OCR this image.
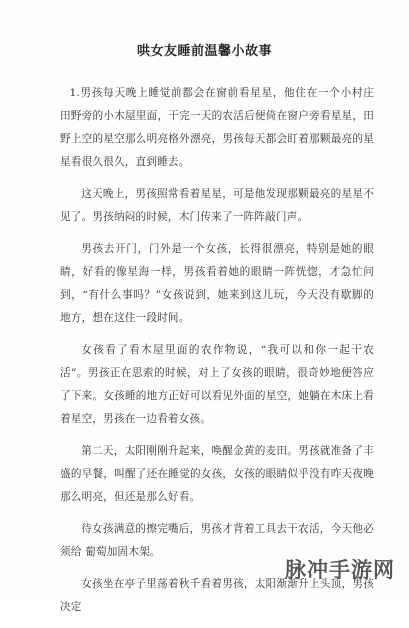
哄女友睡前温馨小故事

1.男孩每天晚上睡觉前都会在窗前看星星，他住在一个小村庄 田野旁的小木屋里面，干完一天的农活后便倚在窗户旁看星星，田 野上空的星空那么明亮格外漂亮，男孩每天都会盯着那颗最亮的星 星看很久很久，直到睡去。

这天晚上，男孩照常看着星星，可是他发现那颗最亮的星星不 见了。男孩纳闷的时候，木门传来了一阵阵敲门声。

男孩去开门，门外是一个女孩，长得很漂亮，特别是她的眼 睛，好看的像星海一样，男孩看着她的眼睛一阵恍惚，才急忙问 到，“有什么事吗？”女孩说到，她来到这儿玩，今天没有歇脚的 地方，想在这住一段时间。

女孩看了看木屋里面的农作物说，“我可以和你一起干农 活”。男孩正在思索的时候，对上了女孩的眼睛，很奇妙地便答应 了下来。女孩睡的地方正好可以看见外面的星空，她躺在木床上看 着星空，男孩在一边看着女孩。

第二天，太阳刚刚升起来，唤醒金黄的麦田。男孩就准备了丰 盛的早餐，叫醒了还在睡觉的女孩，女孩的眼睛似乎没有昨天夜晚 那么明亮，但还是那么好看。

待女孩满意的擦完嘴后，男孩才背着工具去干农活，今天他必须给 葡萄加固木架。

女孩坐在亭子里荡着秋千看着男孩，太阳渐渐升上头顶，男孩决定

脉冲手游网
